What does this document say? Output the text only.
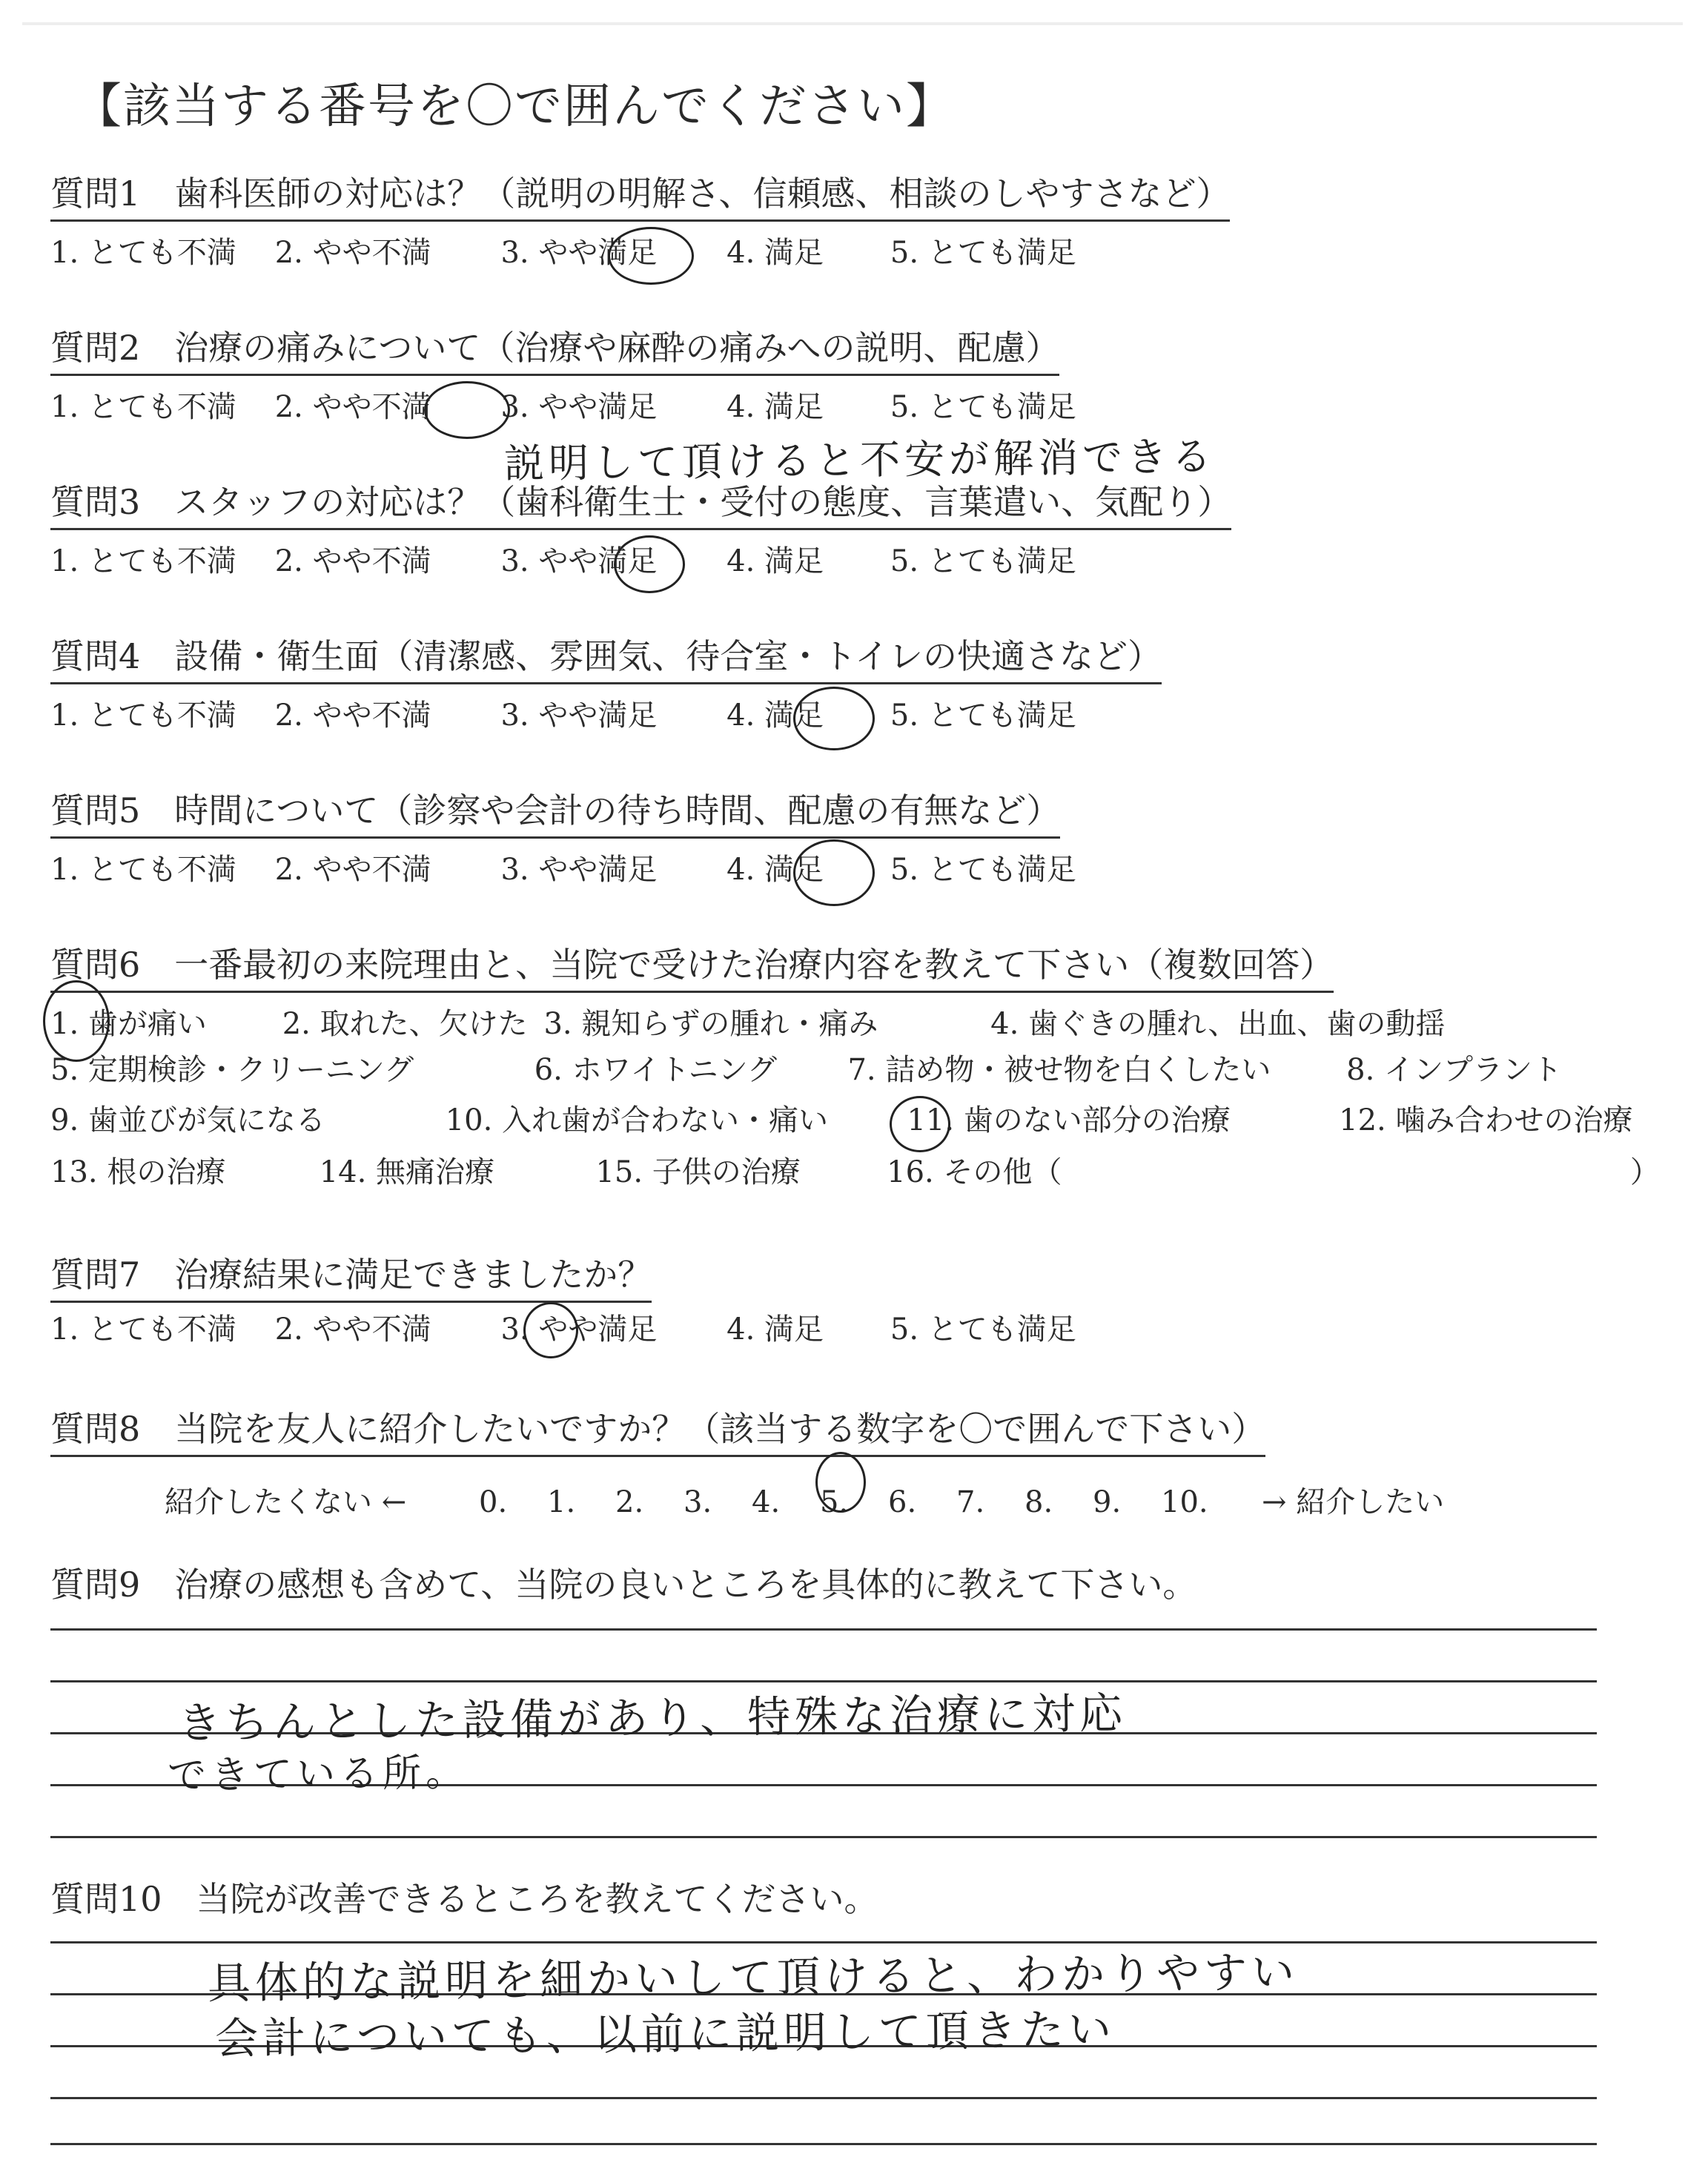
【該当する番号を〇で囲んでください】
質問1 歯科医師の対応は？（説明の明解さ、信頼感、相談のしやすさなど）
1. とても不満 2. やや不満 3. やや満足 4. 満足 5. とても満足
質問2 治療の痛みについて（治療や麻酔の痛みへの説明、配慮）
1. とても不満 2. やや不満 3. やや満足 4. 満足 5. とても満足
説明して頂けると不安が解消できる
質問3 スタッフの対応は？（歯科衛生士・受付の態度、言葉遣い、気配り）
1. とても不満 2. やや不満 3. やや満足 4. 満足 5. とても満足
質問4 設備・衛生面（清潔感、雰囲気、待合室・トイレの快適さなど）
1. とても不満 2. やや不満 3. やや満足 4. 満足 5. とても満足
質問5 時間について（診察や会計の待ち時間、配慮の有無など）
1. とても不満 2. やや不満 3. やや満足 4. 満足 5. とても満足
質問6 一番最初の来院理由と、当院で受けた治療内容を教えて下さい（複数回答）
1. 歯が痛い	2. 取れた、欠けた 3. 親知らずの腫れ・痛み	4. 歯ぐきの腫れ、出血、歯の動揺
5. 定期検診・クリーニング	6. ホワイトニング 7. 詰め物・被せ物を白くしたい	8. インプラント
9. 歯並びが気になる	10. 入れ歯が合わない・痛い	11. 歯のない部分の治療	12. 噛み合わせの治療
13. 根の治療	14. 無痛治療	15. 子供の治療	16. その他（	）
質問7 治療結果に満足できましたか？
1. とても不満 2. やや不満 3. やや満足 4. 満足 5. とても満足
質問8 当院を友人に紹介したいですか？（該当する数字を〇で囲んで下さい）
紹介したくない ← 0. 1. 2. 3. 4. 5. 6. 7. 8. 9. 10. → 紹介したい
質問9 治療の感想も含めて、当院の良いところを具体的に教えて下さい。
きちんとした設備があり、特殊な治療に対応
できている所。
質問10 当院が改善できるところを教えてください。
具体的な説明を細かいして頂けると、わかりやすい
会計についても、以前に説明して頂きたい
